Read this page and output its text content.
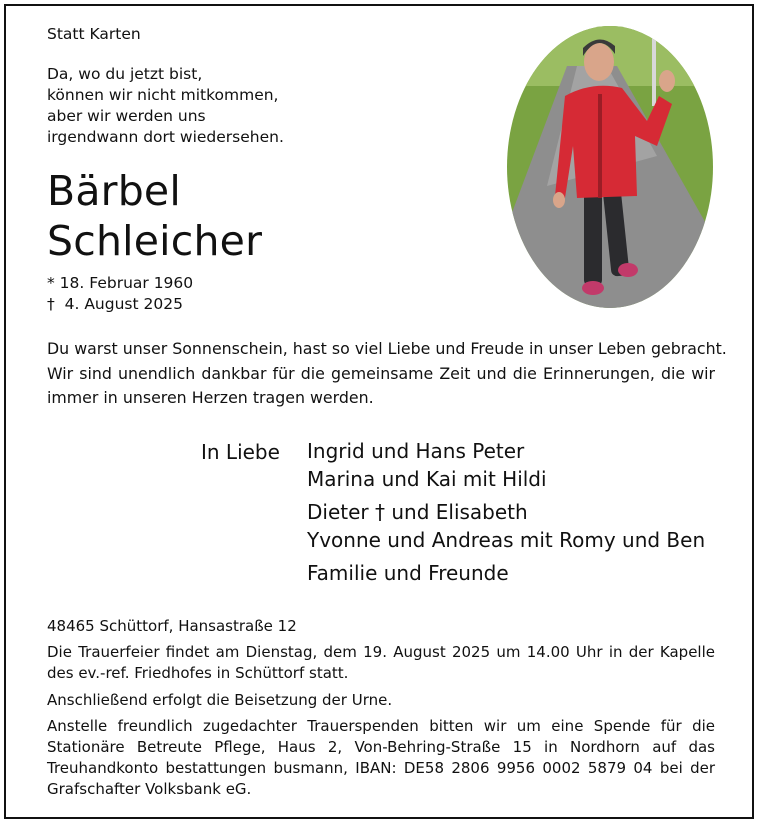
Statt Karten
Da, wo du jetzt bist,
können wir nicht mitkommen,
aber wir werden uns
irgendwann dort wiedersehen.
Bärbel
Schleicher
* 18. Februar 1960
†  4. August 2025
Du warst unser Sonnenschein, hast so viel Liebe und Freude in unser Leben gebracht.
Wir sind unendlich dankbar für die gemeinsame Zeit und die Erinnerungen, die wir immer in unseren Herzen tragen werden.
In Liebe Ingrid und Hans Peter
Marina und Kai mit Hildi
Dieter † und Elisabeth
Yvonne und Andreas mit Romy und Ben
Familie und Freunde
48465 Schüttorf, Hansastraße 12
Die Trauerfeier findet am Dienstag, dem 19. August 2025 um 14.00 Uhr in der Kapelle des ev.-ref. Friedhofes in Schüttorf statt.
Anschließend erfolgt die Beisetzung der Urne.
Anstelle freundlich zugedachter Trauerspenden bitten wir um eine Spende für die Stationäre Betreute Pflege, Haus 2, Von-Behring-Straße 15 in Nordhorn auf das Treuhandkonto bestattungen busmann, IBAN: DE58 2806 9956 0002 5879 04 bei der Grafschafter Volksbank eG.
